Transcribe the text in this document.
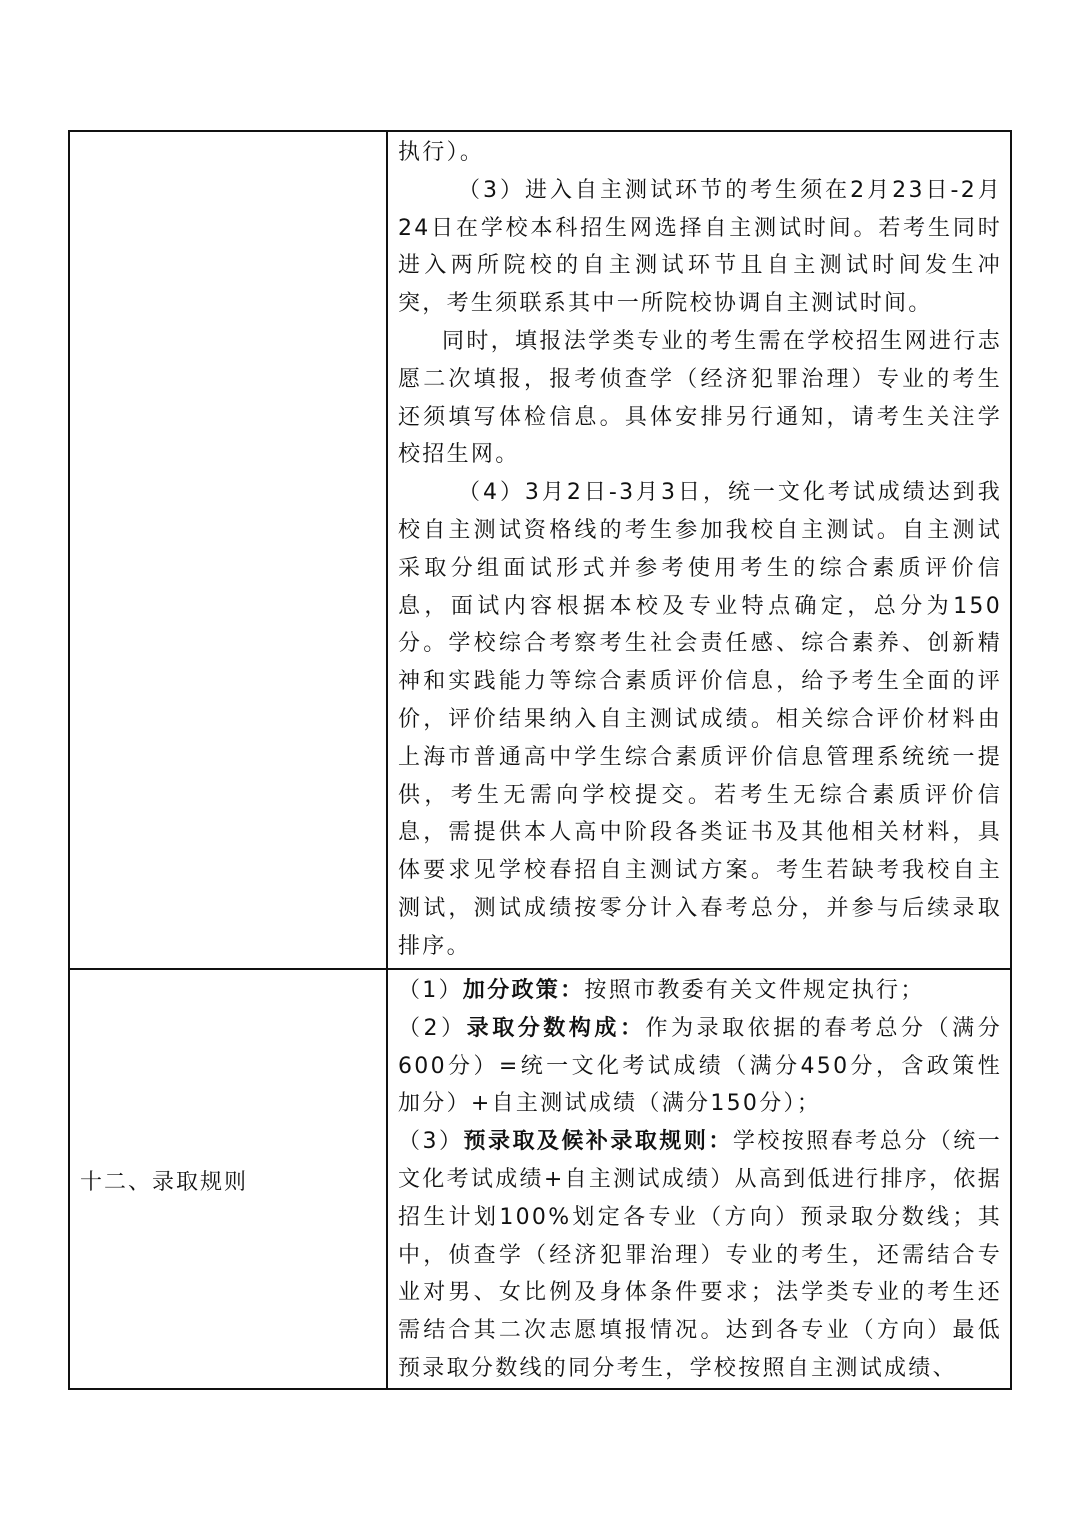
执行）。

（3）进入自主测试环节的考生须在2月23日-2月24日在学校本科招生网选择自主测试时间。若考生同时进入两所院校的自主测试环节且自主测试时间发生冲突，考生须联系其中一所院校协调自主测试时间。

同时，填报法学类专业的考生需在学校招生网进行志愿二次填报，报考侦查学（经济犯罪治理）专业的考生还须填写体检信息。具体安排另行通知，请考生关注学校招生网。

（4）3月2日-3月3日，统一文化考试成绩达到我校自主测试资格线的考生参加我校自主测试。自主测试采取分组面试形式并参考使用考生的综合素质评价信息，面试内容根据本校及专业特点确定，总分为150分。学校综合考察考生社会责任感、综合素养、创新精神和实践能力等综合素质评价信息，给予考生全面的评价，评价结果纳入自主测试成绩。相关综合评价材料由上海市普通高中学生综合素质评价信息管理系统统一提供，考生无需向学校提交。若考生无综合素质评价信息，需提供本人高中阶段各类证书及其他相关材料，具体要求见学校春招自主测试方案。考生若缺考我校自主测试，测试成绩按零分计入春考总分，并参与后续录取排序。

十二、录取规则

（1）加分政策：按照市教委有关文件规定执行；

（2）录取分数构成：作为录取依据的春考总分（满分600分）=统一文化考试成绩（满分450分，含政策性加分）+自主测试成绩（满分150分）；

（3）预录取及候补录取规则：学校按照春考总分（统一文化考试成绩+自主测试成绩）从高到低进行排序，依据招生计划100%划定各专业（方向）预录取分数线；其中，侦查学（经济犯罪治理）专业的考生，还需结合专业对男、女比例及身体条件要求；法学类专业的考生还需结合其二次志愿填报情况。达到各专业（方向）最低预录取分数线的同分考生，学校按照自主测试成绩、
